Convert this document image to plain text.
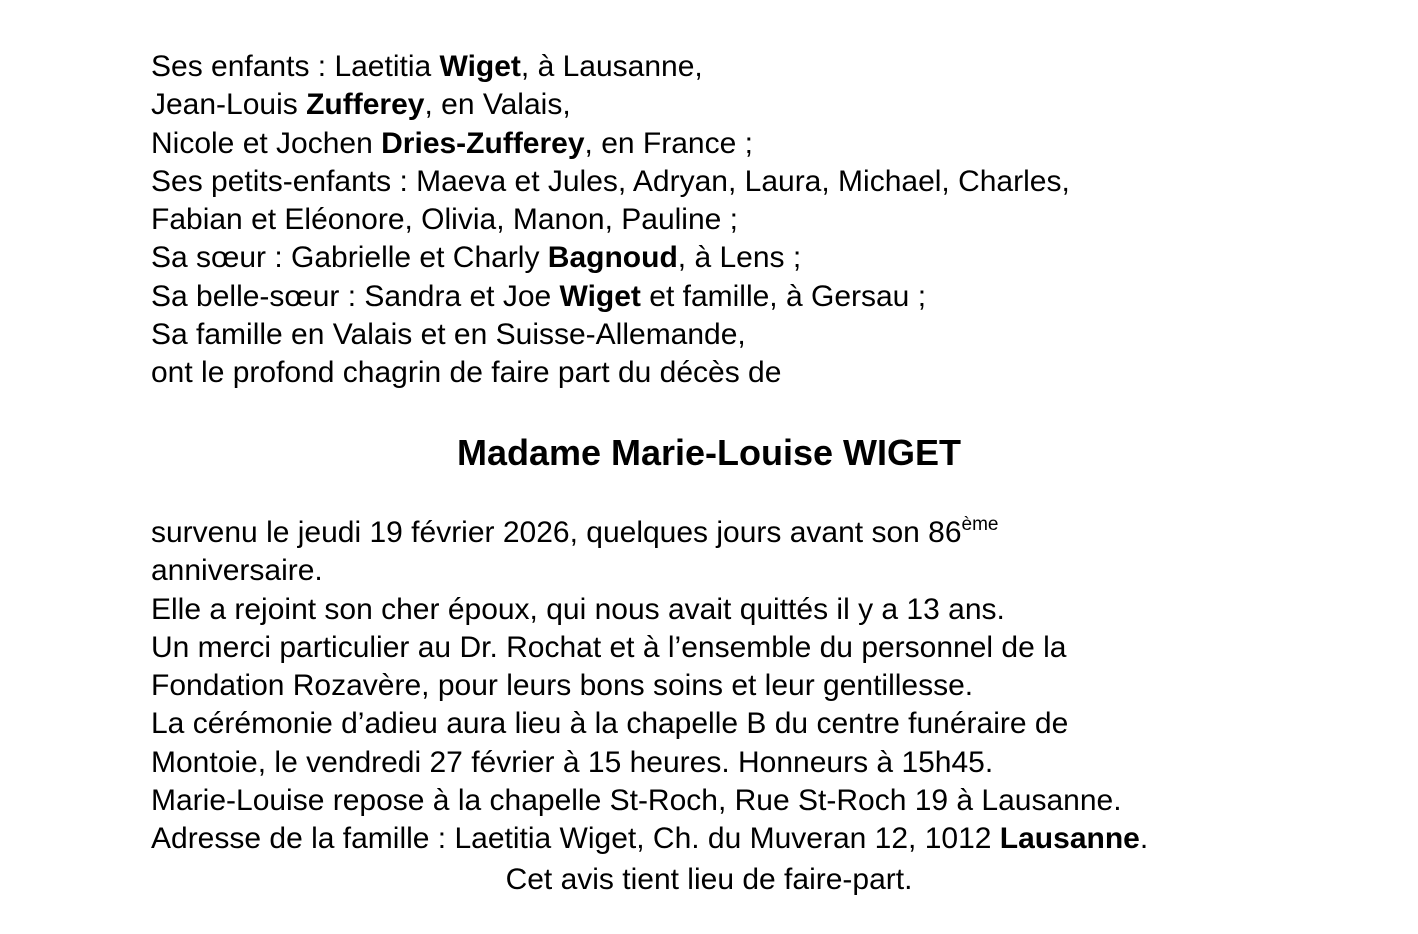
Ses enfants : Laetitia Wiget, à Lausanne,
Jean-Louis Zufferey, en Valais,
Nicole et Jochen Dries-Zufferey, en France ;
Ses petits-enfants : Maeva et Jules, Adryan, Laura, Michael, Charles,
Fabian et Eléonore, Olivia, Manon, Pauline ;
Sa sœur : Gabrielle et Charly Bagnoud, à Lens ;
Sa belle-sœur : Sandra et Joe Wiget et famille, à Gersau ;
Sa famille en Valais et en Suisse-Allemande,
ont le profond chagrin de faire part du décès de
Madame Marie-Louise WIGET
survenu le jeudi 19 février 2026, quelques jours avant son 86ème
anniversaire.
Elle a rejoint son cher époux, qui nous avait quittés il y a 13 ans.
Un merci particulier au Dr. Rochat et à l’ensemble du personnel de la
Fondation Rozavère, pour leurs bons soins et leur gentillesse.
La cérémonie d’adieu aura lieu à la chapelle B du centre funéraire de
Montoie, le vendredi 27 février à 15 heures. Honneurs à 15h45.
Marie-Louise repose à la chapelle St-Roch, Rue St-Roch 19 à Lausanne.
Adresse de la famille : Laetitia Wiget, Ch. du Muveran 12, 1012 Lausanne.
Cet avis tient lieu de faire-part.
